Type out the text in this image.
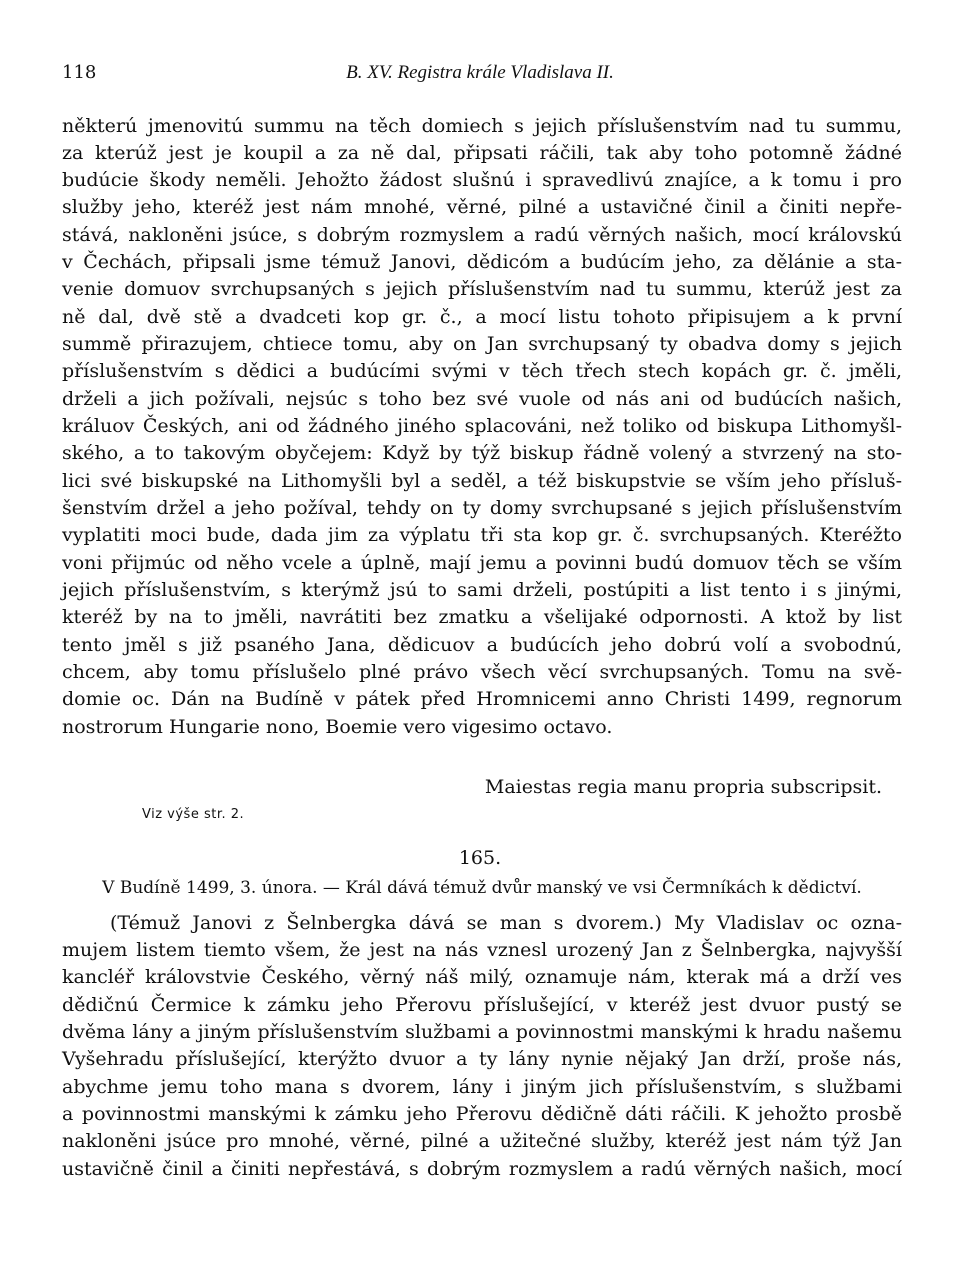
118	B. XV. Registra krále Vladislava II.
některú jmenovitú summu na těch domiech s jejich příslušenstvím nad tu summu,
za kterúž jest je koupil a za ně dal, připsati ráčili, tak aby toho potomně žádné
budúcie škody neměli. Jehožto žádost slušnú i spravedlivú znajíce, a k tomu i pro
služby jeho, kteréž jest nám mnohé, věrné, pilné a ustavičné činil a činiti nepře-
stává, nakloněni jsúce, s dobrým rozmyslem a radú věrných našich, mocí královskú
v Čechách, připsali jsme témuž Janovi, dědicóm a budúcím jeho, za dělánie a sta-
venie domuov svrchupsaných s jejich příslušenstvím nad tu summu, kterúž jest za
ně dal, dvě stě a dvadceti kop gr. č., a mocí listu tohoto připisujem a k první
summě přirazujem, chtiece tomu, aby on Jan svrchupsaný ty obadva domy s jejich
příslušenstvím s dědici a budúcími svými v těch třech stech kopách gr. č. jměli,
drželi a jich požívali, nejsúc s toho bez své vuole od nás ani od budúcích našich,
králuov Českých, ani od žádného jiného splacováni, než toliko od biskupa Lithomyšl-
ského, a to takovým obyčejem: Když by týž biskup řádně volený a stvrzený na sto-
lici své biskupské na Lithomyšli byl a seděl, a též biskupstvie se vším jeho přísluš-
šenstvím držel a jeho požíval, tehdy on ty domy svrchupsané s jejich příslušenstvím
vyplatiti moci bude, dada jim za výplatu tři sta kop gr. č. svrchupsaných. Kteréžto
voni přijmúc od něho vcele a úplně, mají jemu a povinni budú domuov těch se vším
jejich příslušenstvím, s kterýmž jsú to sami drželi, postúpiti a list tento i s jinými,
kteréž by na to jměli, navrátiti bez zmatku a všelijaké odpornosti. A ktož by list
tento jměl s již psaného Jana, dědicuov a budúcích jeho dobrú volí a svobodnú,
chcem, aby tomu příslušelo plné právo všech věcí svrchupsaných. Tomu na svě-
domie oc. Dán na Budíně v pátek před Hromnicemi anno Christi 1499, regnorum
nostrorum Hungarie nono, Boemie vero vigesimo octavo.
Maiestas regia manu propria subscripsit.
Viz výše str. 2.
165.
V Budíně 1499, 3. února. — Král dává témuž dvůr manský ve vsi Čermníkách k dědictví.
(Témuž Janovi z Šelnbergka dává se man s dvorem.) My Vladislav oc ozna-
mujem listem tiemto všem, že jest na nás vznesl urozený Jan z Šelnbergka, najvyšší
kancléř královstvie Českého, věrný náš milý, oznamuje nám, kterak má a drží ves
dědičnú Čermice k zámku jeho Přerovu příslušející, v kteréž jest dvuor pustý se
dvěma lány a jiným příslušenstvím službami a povinnostmi manskými k hradu našemu
Vyšehradu příslušející, kterýžto dvuor a ty lány nynie nějaký Jan drží, proše nás,
abychme jemu toho mana s dvorem, lány i jiným jich příslušenstvím, s službami
a povinnostmi manskými k zámku jeho Přerovu dědičně dáti ráčili. K jehožto prosbě
nakloněni jsúce pro mnohé, věrné, pilné a užitečné služby, kteréž jest nám týž Jan
ustavičně činil a činiti nepřestává, s dobrým rozmyslem a radú věrných našich, mocí
